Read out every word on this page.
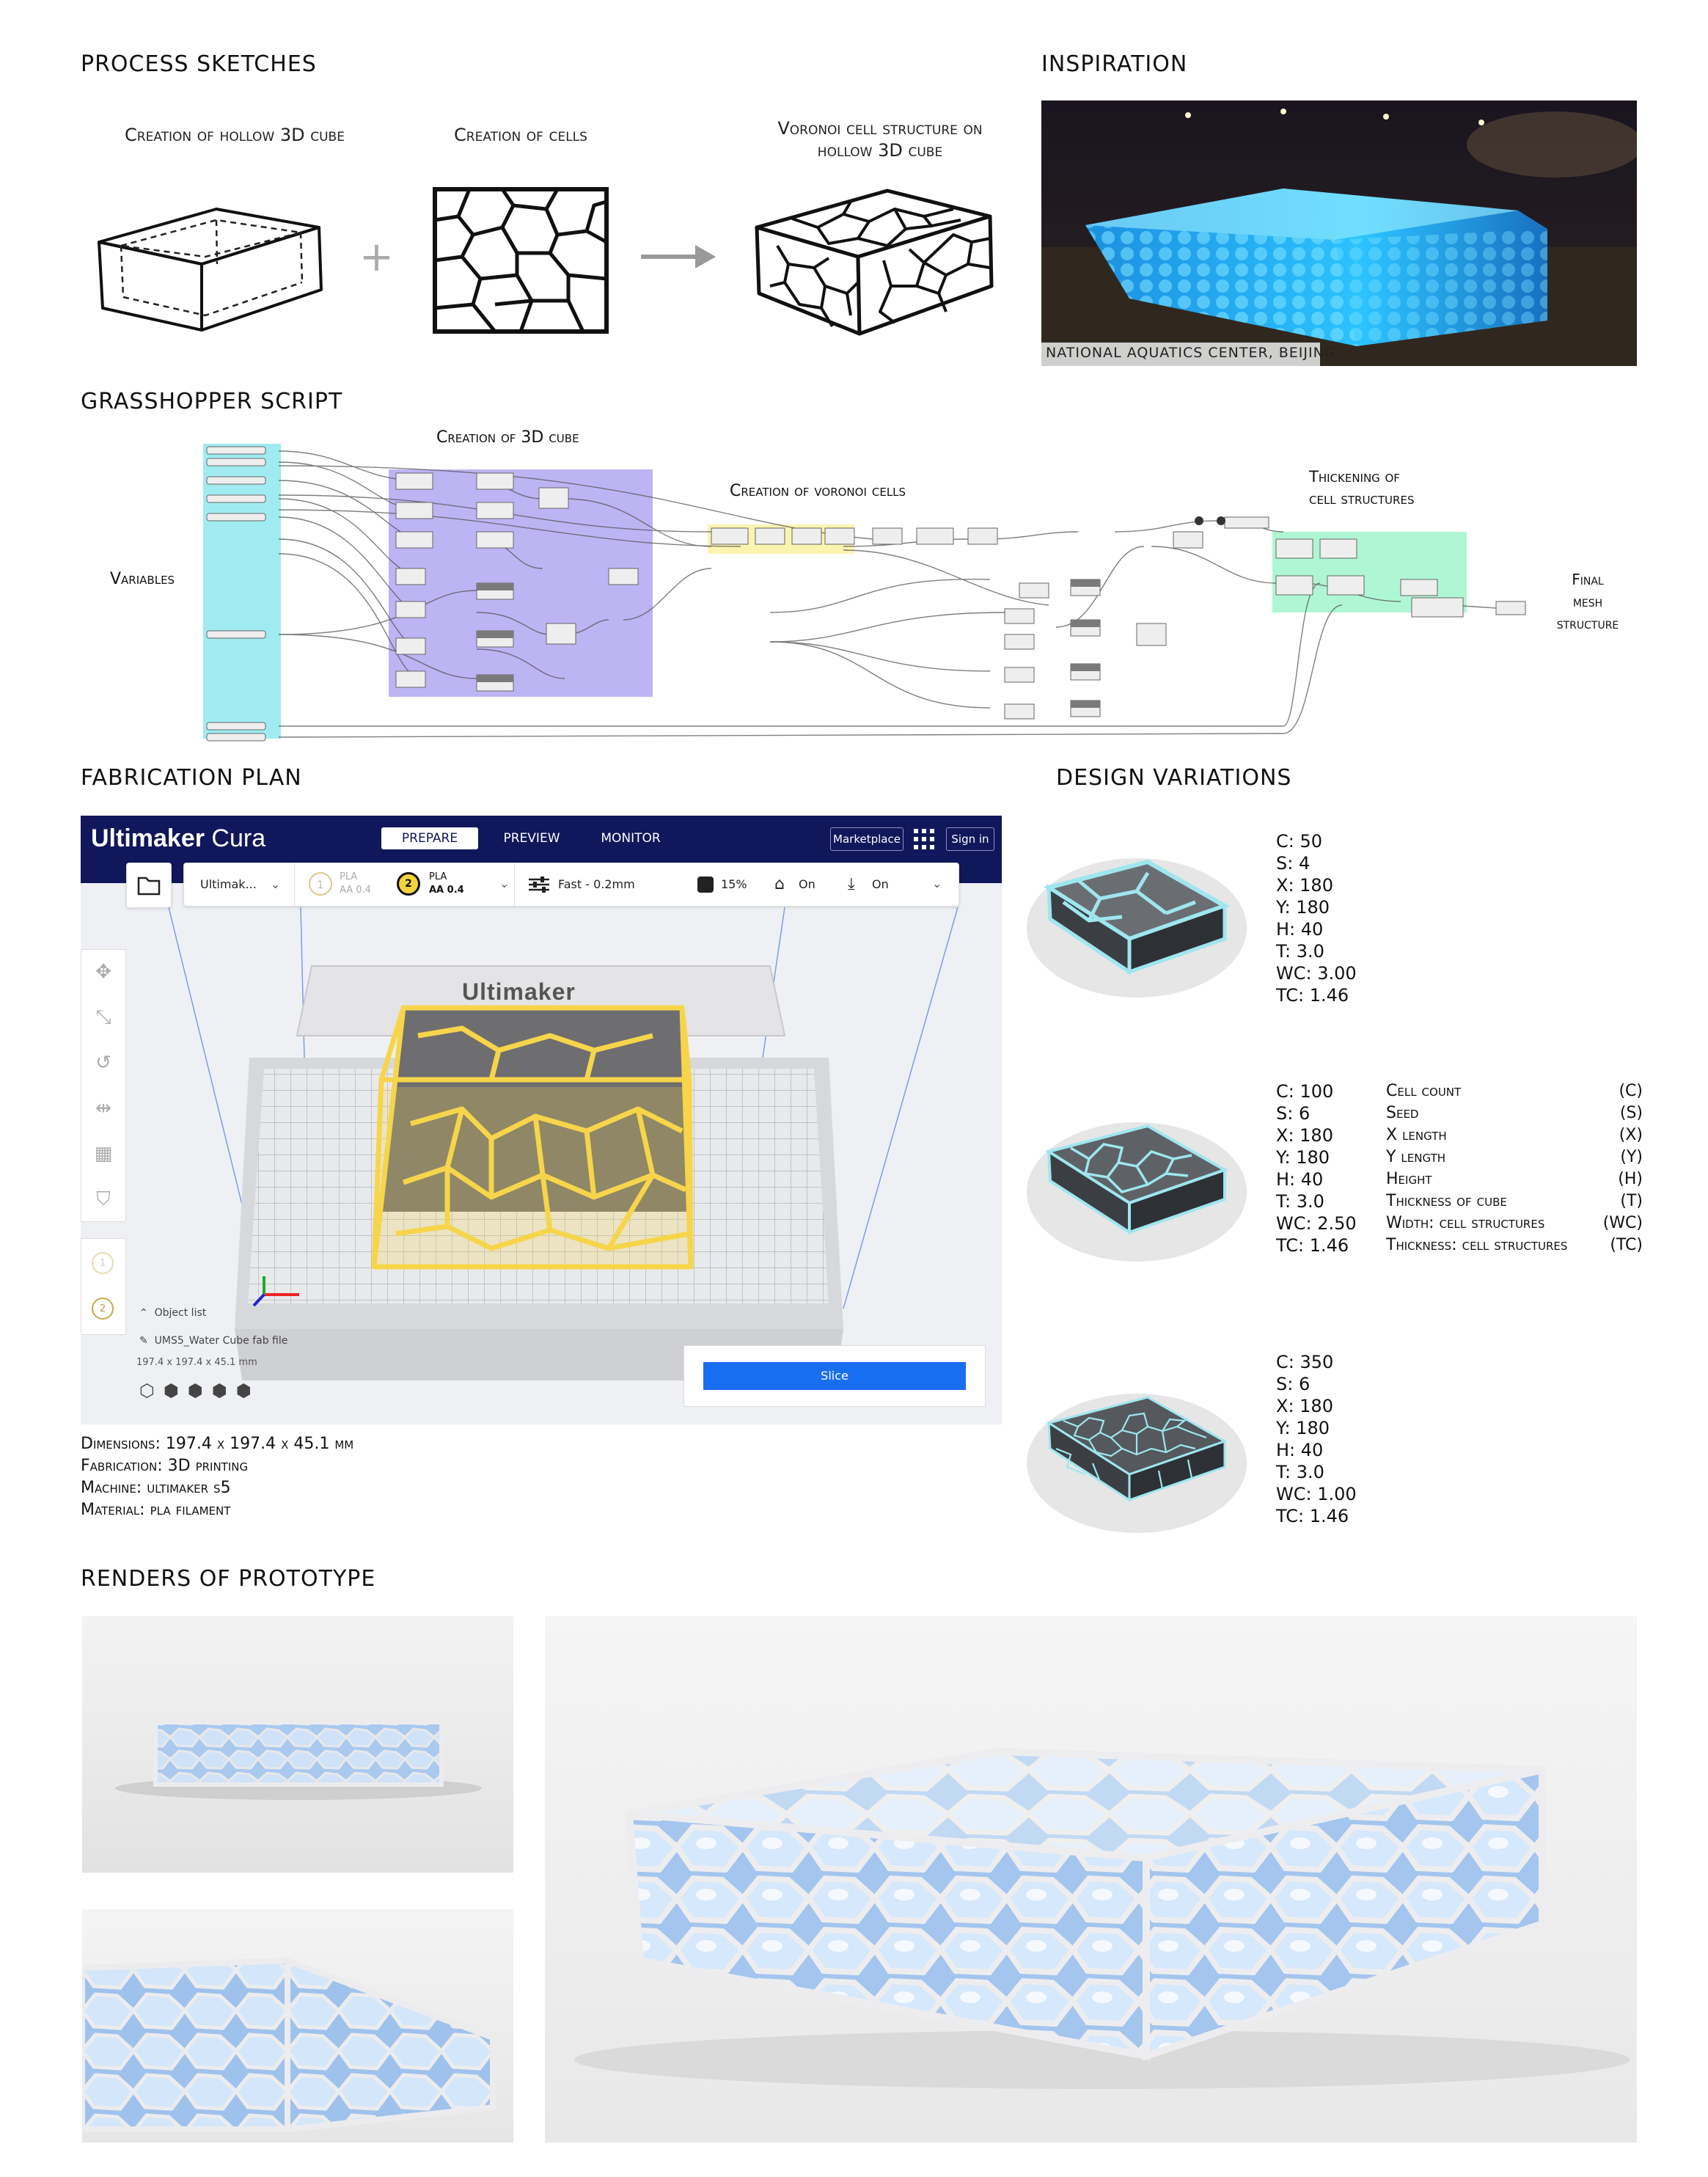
PROCESS SKETCHES	INSPIRATION
GRASSHOPPER SCRIPT
FABRICATION PLAN	DESIGN VARIATIONS
RENDERS OF PROTOTYPE
Creation of hollow 3D cube	Creation of cells	Voronoi cell structure on
hollow 3D cube
+
NATIONAL AQUATICS CENTER, BEIJING
Variables
Creation of 3D cube
Creation of voronoi cells
Thickening of
cell structures
Final
mesh
structure
Ultimaker Cura	PREPARE	PREVIEW	MONITOR	Marketplace	Sign in
Ultimak... ⌄	1
PLA
AA 0.4
2
PLA
AA 0.4	⌄	Fast - 0.2mm	15% ⌂ On ⤓ On	⌄
✥
⤡
↺
⇹
▦
⛉
1
2
Ultimaker
⌃ Object list
✎ UMS5_Water Cube fab file
197.4 x 197.4 x 45.1 mm
⬡⬢⬢⬢⬢
Slice
Dimensions: 197.4 x 197.4 x 45.1 mm
Fabrication: 3D printing
Machine: ultimaker s5
Material: pla filament
C: 50
S: 4
X: 180
Y: 180
H: 40
T: 3.0
WC: 3.00
TC: 1.46
C: 100
S: 6
X: 180
Y: 180
H: 40
T: 3.0
WC: 2.50
TC: 1.46
C: 350
S: 6
X: 180
Y: 180
H: 40
T: 3.0
WC: 1.00
TC: 1.46
Cell count	(C)
Seed	(S)
X length	(X)
Y length	(Y)
Height	(H)
Thickness of cube	(T)
Width: cell structures	(WC)
Thickness: cell structures	(TC)
